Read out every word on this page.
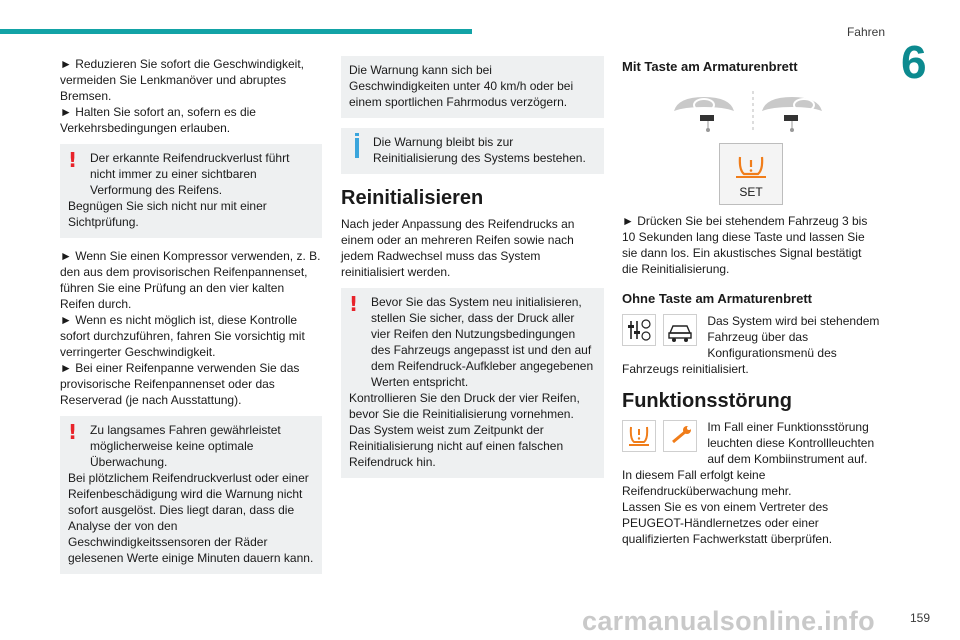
Fahren
6

► Reduzieren Sie sofort die Geschwindigkeit, vermeiden Sie Lenkmanöver und abruptes Bremsen.

► Halten Sie sofort an, sofern es die Verkehrsbedingungen erlauben.

!	Der erkannte Reifendruckverlust führt nicht immer zu einer sichtbaren Verformung des Reifens.

Begnügen Sie sich nicht nur mit einer Sichtprüfung.

► Wenn Sie einen Kompressor verwenden, z. B. den aus dem provisorischen Reifenpannenset, führen Sie eine Prüfung an den vier kalten Reifen durch.

► Wenn es nicht möglich ist, diese Kontrolle sofort durchzuführen, fahren Sie vorsichtig mit verringerter Geschwindigkeit.

► Bei einer Reifenpanne verwenden Sie das provisorische Reifenpannenset oder das Reserverad (je nach Ausstattung).

!	Zu langsames Fahren gewährleistet möglicherweise keine optimale Überwachung.

Bei plötzlichem Reifendruckverlust oder einer Reifenbeschädigung wird die Warnung nicht sofort ausgelöst. Dies liegt daran, dass die Analyse der von den Geschwindigkeitssensoren der Räder gelesenen Werte einige Minuten dauern kann.

Die Warnung kann sich bei Geschwindigkeiten unter 40 km/h oder bei einem sportlichen Fahrmodus verzögern.

Die Warnung bleibt bis zur Reinitialisierung des Systems bestehen.

Reinitialisieren

Nach jeder Anpassung des Reifendrucks an einem oder an mehreren Reifen sowie nach jedem Radwechsel muss das System reinitialisiert werden.

!	Bevor Sie das System neu initialisieren, stellen Sie sicher, dass der Druck aller vier Reifen den Nutzungsbedingungen des Fahrzeugs angepasst ist und den auf dem Reifendruck-Aufkleber angegebenen Werten entspricht.

Kontrollieren Sie den Druck der vier Reifen, bevor Sie die Reinitialisierung vornehmen.

Das System weist zum Zeitpunkt der Reinitialisierung nicht auf einen falschen Reifendruck hin.

Mit Taste am Armaturenbrett
SET

► Drücken Sie bei stehendem Fahrzeug 3 bis 10 Sekunden lang diese Taste und lassen Sie sie dann los. Ein akustisches Signal bestätigt die Reinitialisierung.

Ohne Taste am Armaturenbrett

Das System wird bei stehendem Fahrzeug über das Konfigurationsmenü des Fahrzeugs reinitialisiert.

Funktionsstörung

Im Fall einer Funktionsstörung leuchten diese Kontrollleuchten auf dem Kombiinstrument auf.

In diesem Fall erfolgt keine Reifendrucküberwachung mehr.

Lassen Sie es von einem Vertreter des PEUGEOT-Händlernetzes oder einer qualifizierten Fachwerkstatt überprüfen.

carmanualsonline.info	159
